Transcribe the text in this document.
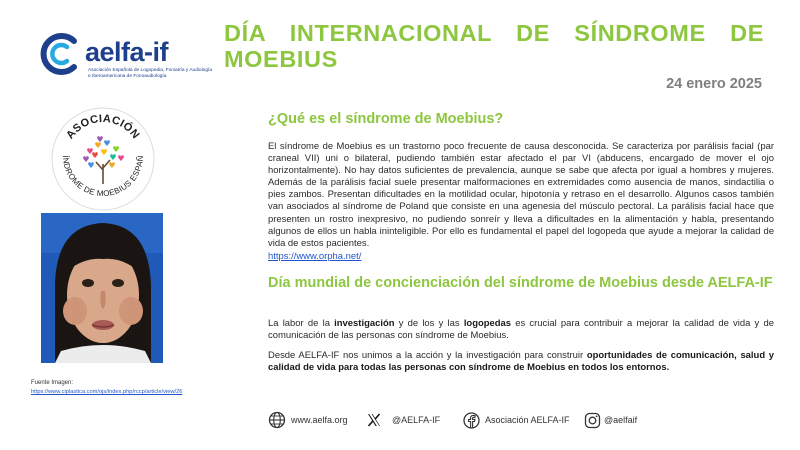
aelfa-if
Asociación Española de Logopedia, Foniatría y Audiología e Iberoamericana de Fonoaudiología
DÍA INTERNACIONAL DE SÍNDROME DE MOEBIUS
24 enero 2025
ASOCIACIÓN
ÍNDROME DE MOEBIUS ESPAÑ
♥
♥ ♥
♥
♥ ♥ ♥
♥ ♥
♥ ♥
♥
Fuente Imagen:
https://www.ciplastica.com/ojs/index.php/rccp/article/view/26
¿Qué es el síndrome de Moebius?
El síndrome de Moebius es un trastorno poco frecuente de causa desconocida. Se caracteriza por parálisis facial (par craneal VII) uni o bilateral, pudiendo también estar afectado el par VI (abducens, encargado de mover el ojo horizontalmente). No hay datos suficientes de prevalencia, aunque se sabe que afecta por igual a hombres y mujeres. Además de la parálisis facial suele presentar malformaciones en extremidades como ausencia de manos, sindactilia o pies zambos. Presentan dificultades en la motilidad ocular, hipotonía y retraso en el desarrollo. Algunos casos también van asociados al síndrome de Poland que consiste en una agenesia del músculo pectoral. La parálisis facial hace que presenten un rostro inexpresivo, no pudiendo sonreír y lleva a dificultades en la alimentación y habla, presentando algunos de ellos un habla ininteligible. Por ello es fundamental el papel del logopeda que ayude a mejorar la calidad de vida de estos pacientes.
https://www.orpha.net/
Día mundial de concienciación del síndrome de Moebius desde AELFA-IF
La labor de la investigación y de los y las logopedas es crucial para contribuir a mejorar la calidad de vida y de comunicación de las personas con síndrome de Moebius.
Desde AELFA-IF nos unimos a la acción y la investigación para construir oportunidades de comunicación, salud y calidad de vida para todas las personas con síndrome de Moebius en todos los entornos.
www.aelfa.org	@AELFA-IF	Asociación AELFA-IF	@aelfaif
